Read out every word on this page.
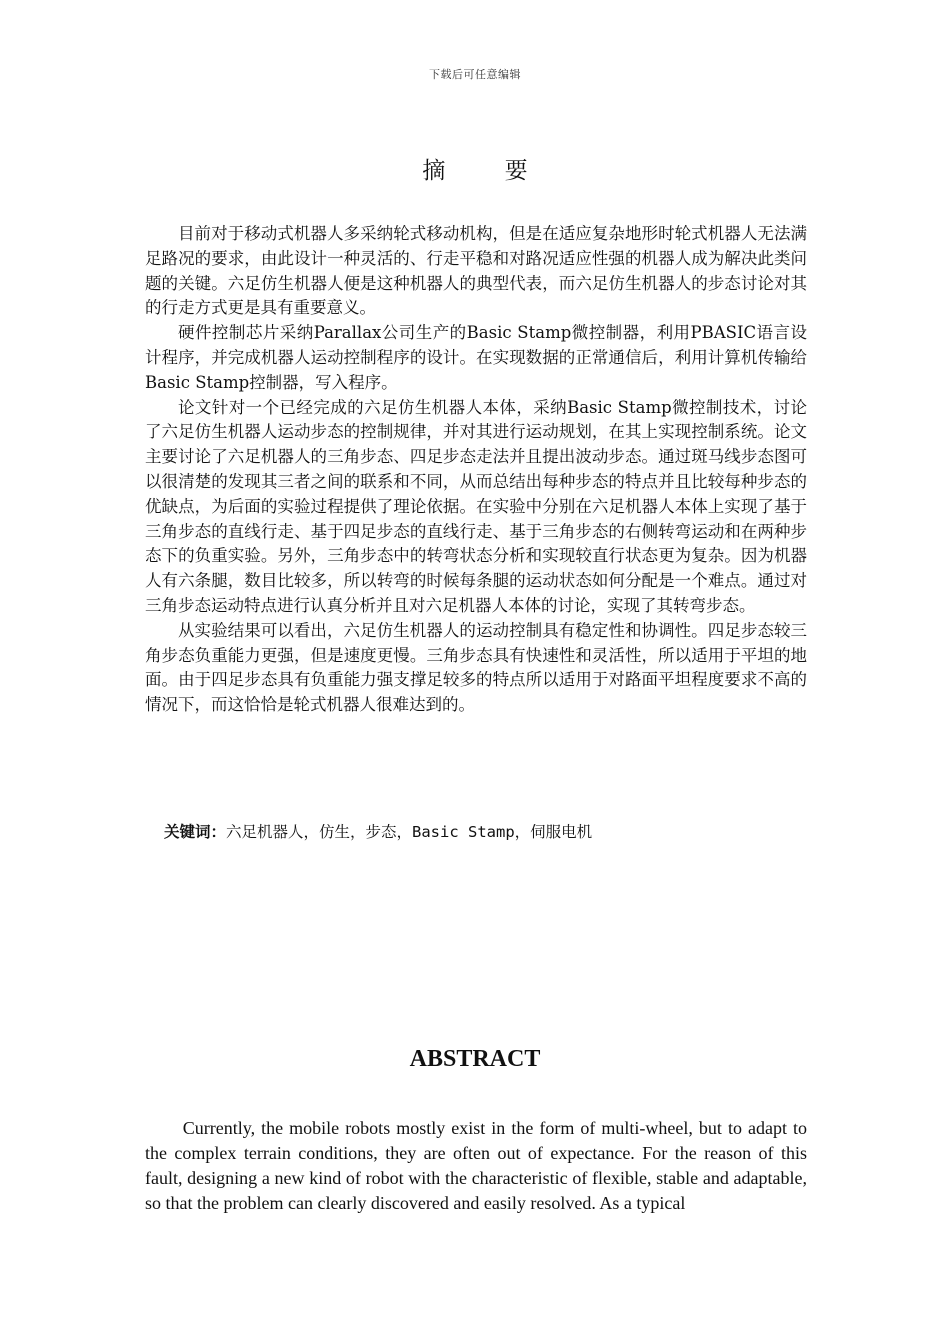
下载后可任意编辑
摘 要

目前对于移动式机器人多采纳轮式移动机构，但是在适应复杂地形时轮式机器人无法满足路况的要求，由此设计一种灵活的、行走平稳和对路况适应性强的机器人成为解决此类问题的关键。六足仿生机器人便是这种机器人的典型代表，而六足仿生机器人的步态讨论对其的行走方式更是具有重要意义。

硬件控制芯片采纳Parallax公司生产的Basic Stamp微控制器，利用PBASIC语言设计程序，并完成机器人运动控制程序的设计。在实现数据的正常通信后，利用计算机传输给Basic Stamp控制器，写入程序。

论文针对一个已经完成的六足仿生机器人本体，采纳Basic Stamp微控制技术，讨论了六足仿生机器人运动步态的控制规律，并对其进行运动规划，在其上实现控制系统。论文主要讨论了六足机器人的三角步态、四足步态走法并且提出波动步态。通过斑马线步态图可以很清楚的发现其三者之间的联系和不同，从而总结出每种步态的特点并且比较每种步态的优缺点，为后面的实验过程提供了理论依据。在实验中分别在六足机器人本体上实现了基于三角步态的直线行走、基于四足步态的直线行走、基于三角步态的右侧转弯运动和在两种步态下的负重实验。另外，三角步态中的转弯状态分析和实现较直行状态更为复杂。因为机器人有六条腿，数目比较多，所以转弯的时候每条腿的运动状态如何分配是一个难点。通过对三角步态运动特点进行认真分析并且对六足机器人本体的讨论，实现了其转弯步态。

从实验结果可以看出，六足仿生机器人的运动控制具有稳定性和协调性。四足步态较三角步态负重能力更强，但是速度更慢。三角步态具有快速性和灵活性，所以适用于平坦的地面。由于四足步态具有负重能力强支撑足较多的特点所以适用于对路面平坦程度要求不高的情况下，而这恰恰是轮式机器人很难达到的。

关键词：六足机器人，仿生，步态，Basic Stamp，伺服电机
ABSTRACT

Currently, the mobile robots mostly exist in the form of multi-wheel, but to adapt to the complex terrain conditions, they are often out of expectance. For the reason of this fault, designing a new kind of robot with the characteristic of flexible, stable and adaptable, so that the problem can clearly discovered and easily resolved. As a typical
